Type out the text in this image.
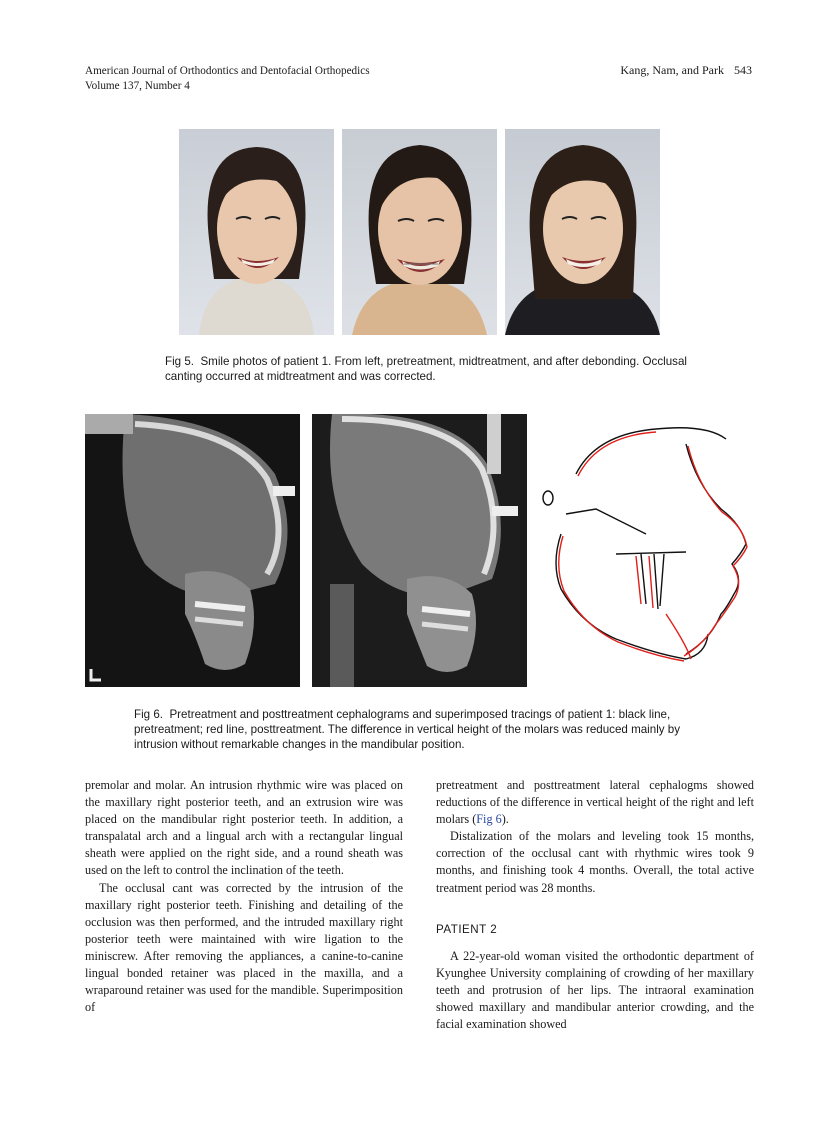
American Journal of Orthodontics and Dentofacial Orthopedics
Volume 137, Number 4
Kang, Nam, and Park 543
Fig 5. Smile photos of patient 1. From left, pretreatment, midtreatment, and after debonding. Occlusal canting occurred at midtreatment and was corrected.
Fig 6. Pretreatment and posttreatment cephalograms and superimposed tracings of patient 1: black line, pretreatment; red line, posttreatment. The difference in vertical height of the molars was reduced mainly by intrusion without remarkable changes in the mandibular position.

premolar and molar. An intrusion rhythmic wire was placed on the maxillary right posterior teeth, and an extrusion wire was placed on the mandibular right posterior teeth. In addition, a transpalatal arch and a lingual arch with a rectangular lingual sheath were applied on the right side, and a round sheath was used on the left to control the inclination of the teeth.

The occlusal cant was corrected by the intrusion of the maxillary right posterior teeth. Finishing and detailing of the occlusion was then performed, and the intruded maxillary right posterior teeth were maintained with wire ligation to the miniscrew. After removing the appliances, a canine-to-canine lingual bonded retainer was placed in the maxilla, and a wraparound retainer was used for the mandible. Superimposition of

pretreatment and posttreatment lateral cephalogms showed reductions of the difference in vertical height of the right and left molars (Fig 6).

Distalization of the molars and leveling took 15 months, correction of the occlusal cant with rhythmic wires took 9 months, and finishing took 4 months. Overall, the total active treatment period was 28 months.

PATIENT 2

A 22-year-old woman visited the orthodontic department of Kyunghee University complaining of crowding of her maxillary teeth and protrusion of her lips. The intraoral examination showed maxillary and mandibular anterior crowding, and the facial examination showed
